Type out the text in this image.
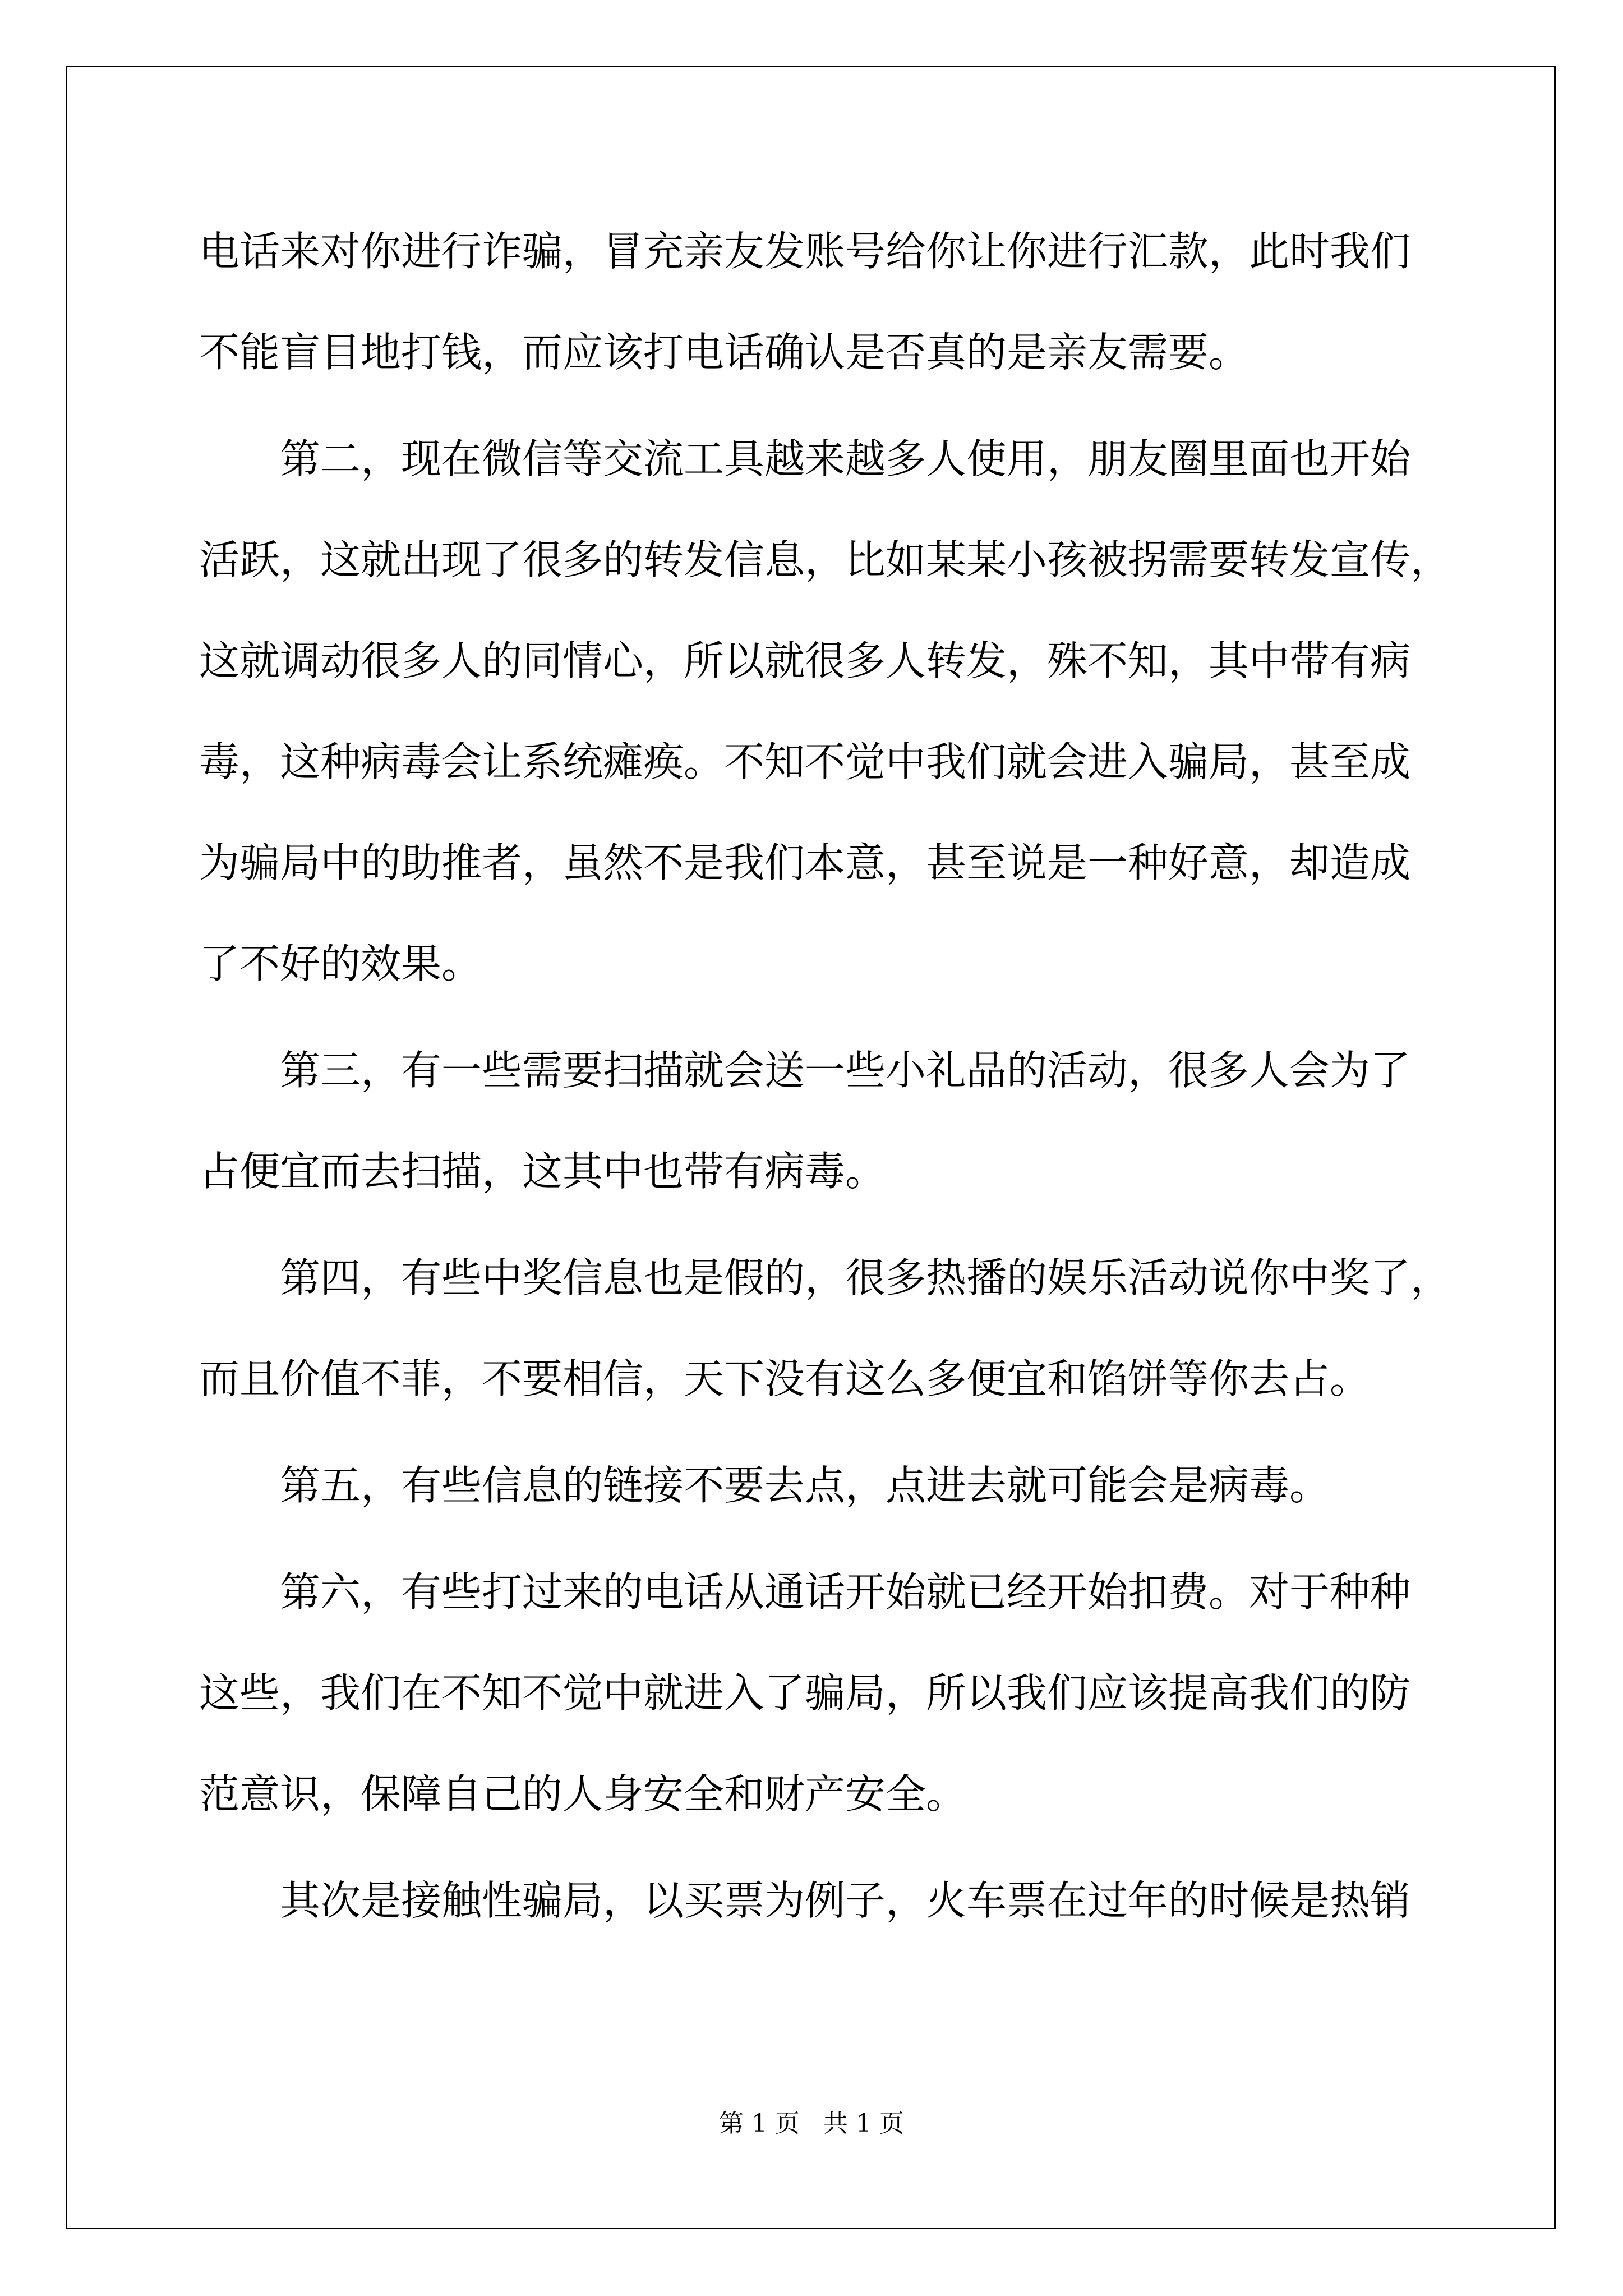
电话来对你进行诈骗，冒充亲友发账号给你让你进行汇款，此时我们
不能盲目地打钱，而应该打电话确认是否真的是亲友需要。
　　第二，现在微信等交流工具越来越多人使用，朋友圈里面也开始
活跃，这就出现了很多的转发信息，比如某某小孩被拐需要转发宣传，
这就调动很多人的同情心，所以就很多人转发，殊不知，其中带有病
毒，这种病毒会让系统瘫痪。不知不觉中我们就会进入骗局，甚至成
为骗局中的助推者，虽然不是我们本意，甚至说是一种好意，却造成
了不好的效果。
　　第三，有一些需要扫描就会送一些小礼品的活动，很多人会为了
占便宜而去扫描，这其中也带有病毒。
　　第四，有些中奖信息也是假的，很多热播的娱乐活动说你中奖了，
而且价值不菲，不要相信，天下没有这么多便宜和馅饼等你去占。
　　第五，有些信息的链接不要去点，点进去就可能会是病毒。
　　第六，有些打过来的电话从通话开始就已经开始扣费。对于种种
这些，我们在不知不觉中就进入了骗局，所以我们应该提高我们的防
范意识，保障自己的人身安全和财产安全。
　　其次是接触性骗局，以买票为例子，火车票在过年的时候是热销
第 1 页   共 1 页
